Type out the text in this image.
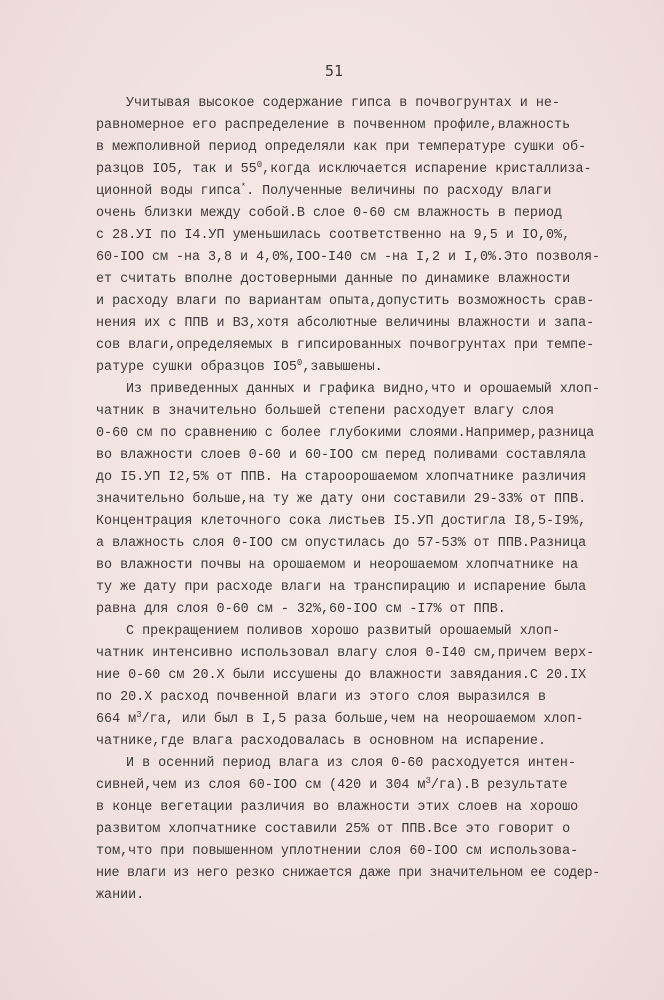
51
Учитывая высокое содержание гипса в почвогрунтах и не-
равномерное его распределение в почвенном профиле,влажность
в межполивной период определяли как при температуре сушки об-
разцов IO5, так и $55^0,когда$ исключается испарение кристаллиза-
ционной воды гипса*. Полученные величины по расходу влаги
очень близки между собой.В слое 0-60 см влажность в период
с 28.УI по I4.УП уменьшилась соответственно на 9,5 и IO,0%,
60-IOO см -на 3,8 и 4,0%,IOO-I40 см -на I,2 и I,0%.Это позволя-
ет считать вполне достоверными данные по динамике влажности
и расходу влаги по вариантам опыта,допустить возможность срав-
нения их с ППВ и ВЗ,хотя абсолютные величины влажности и запа-
сов влаги,определяемых в гипсированных почвогрунтах при темпе-
ратуре сушки образцов $IO5^0,завышены$.
Из приведенных данных и графика видно,что и орошаемый хлоп-
чатник в значительно большей степени расходует влагу слоя
0-60 см по сравнению с более глубокими слоями.Например,разница
во влажности слоев 0-60 и 60-IOO см перед поливами составляла
до I5.УП I2,5% от ППВ. На староорошаемом хлопчатнике различия
значительно больше,на ту же дату они составили 29-33% от ППВ.
Концентрация клеточного сока листьев I5.УП достигла I8,5-I9%,
а влажность слоя 0-IOO см опустилась до 57-53% от ППВ.Разница
во влажности почвы на орошаемом и неорошаемом хлопчатнике на
ту же дату при расходе влаги на транспирацию и испарение была
равна для слоя 0-60 см - 32%,60-IOO см -I7% от ППВ.
С прекращением поливов хорошо развитый орошаемый хлоп-
чатник интенсивно использовал влагу слоя 0-I40 см,причем верх-
ние 0-60 см 20.X были иссушены до влажности завядания.С 20.IX
по 20.X расход почвенной влаги из этого слоя выразился в
664 $м^3/га$, или был в I,5 раза больше,чем на неорошаемом хлоп-
чатнике,где влага расходовалась в основном на испарение.
И в осенний период влага из слоя 0-60 расходуется интен-
сивней,чем из слоя 60-IOO см (420 и 304 $м^3/га).В$ результате
в конце вегетации различия во влажности этих слоев на хорошо
развитом хлопчатнике составили 25% от ППВ.Все это говорит о
том,что при повышенном уплотнении слоя 60-IOO см использова-
ние влаги из него резко снижается даже при значительном ее содер-
жании.
